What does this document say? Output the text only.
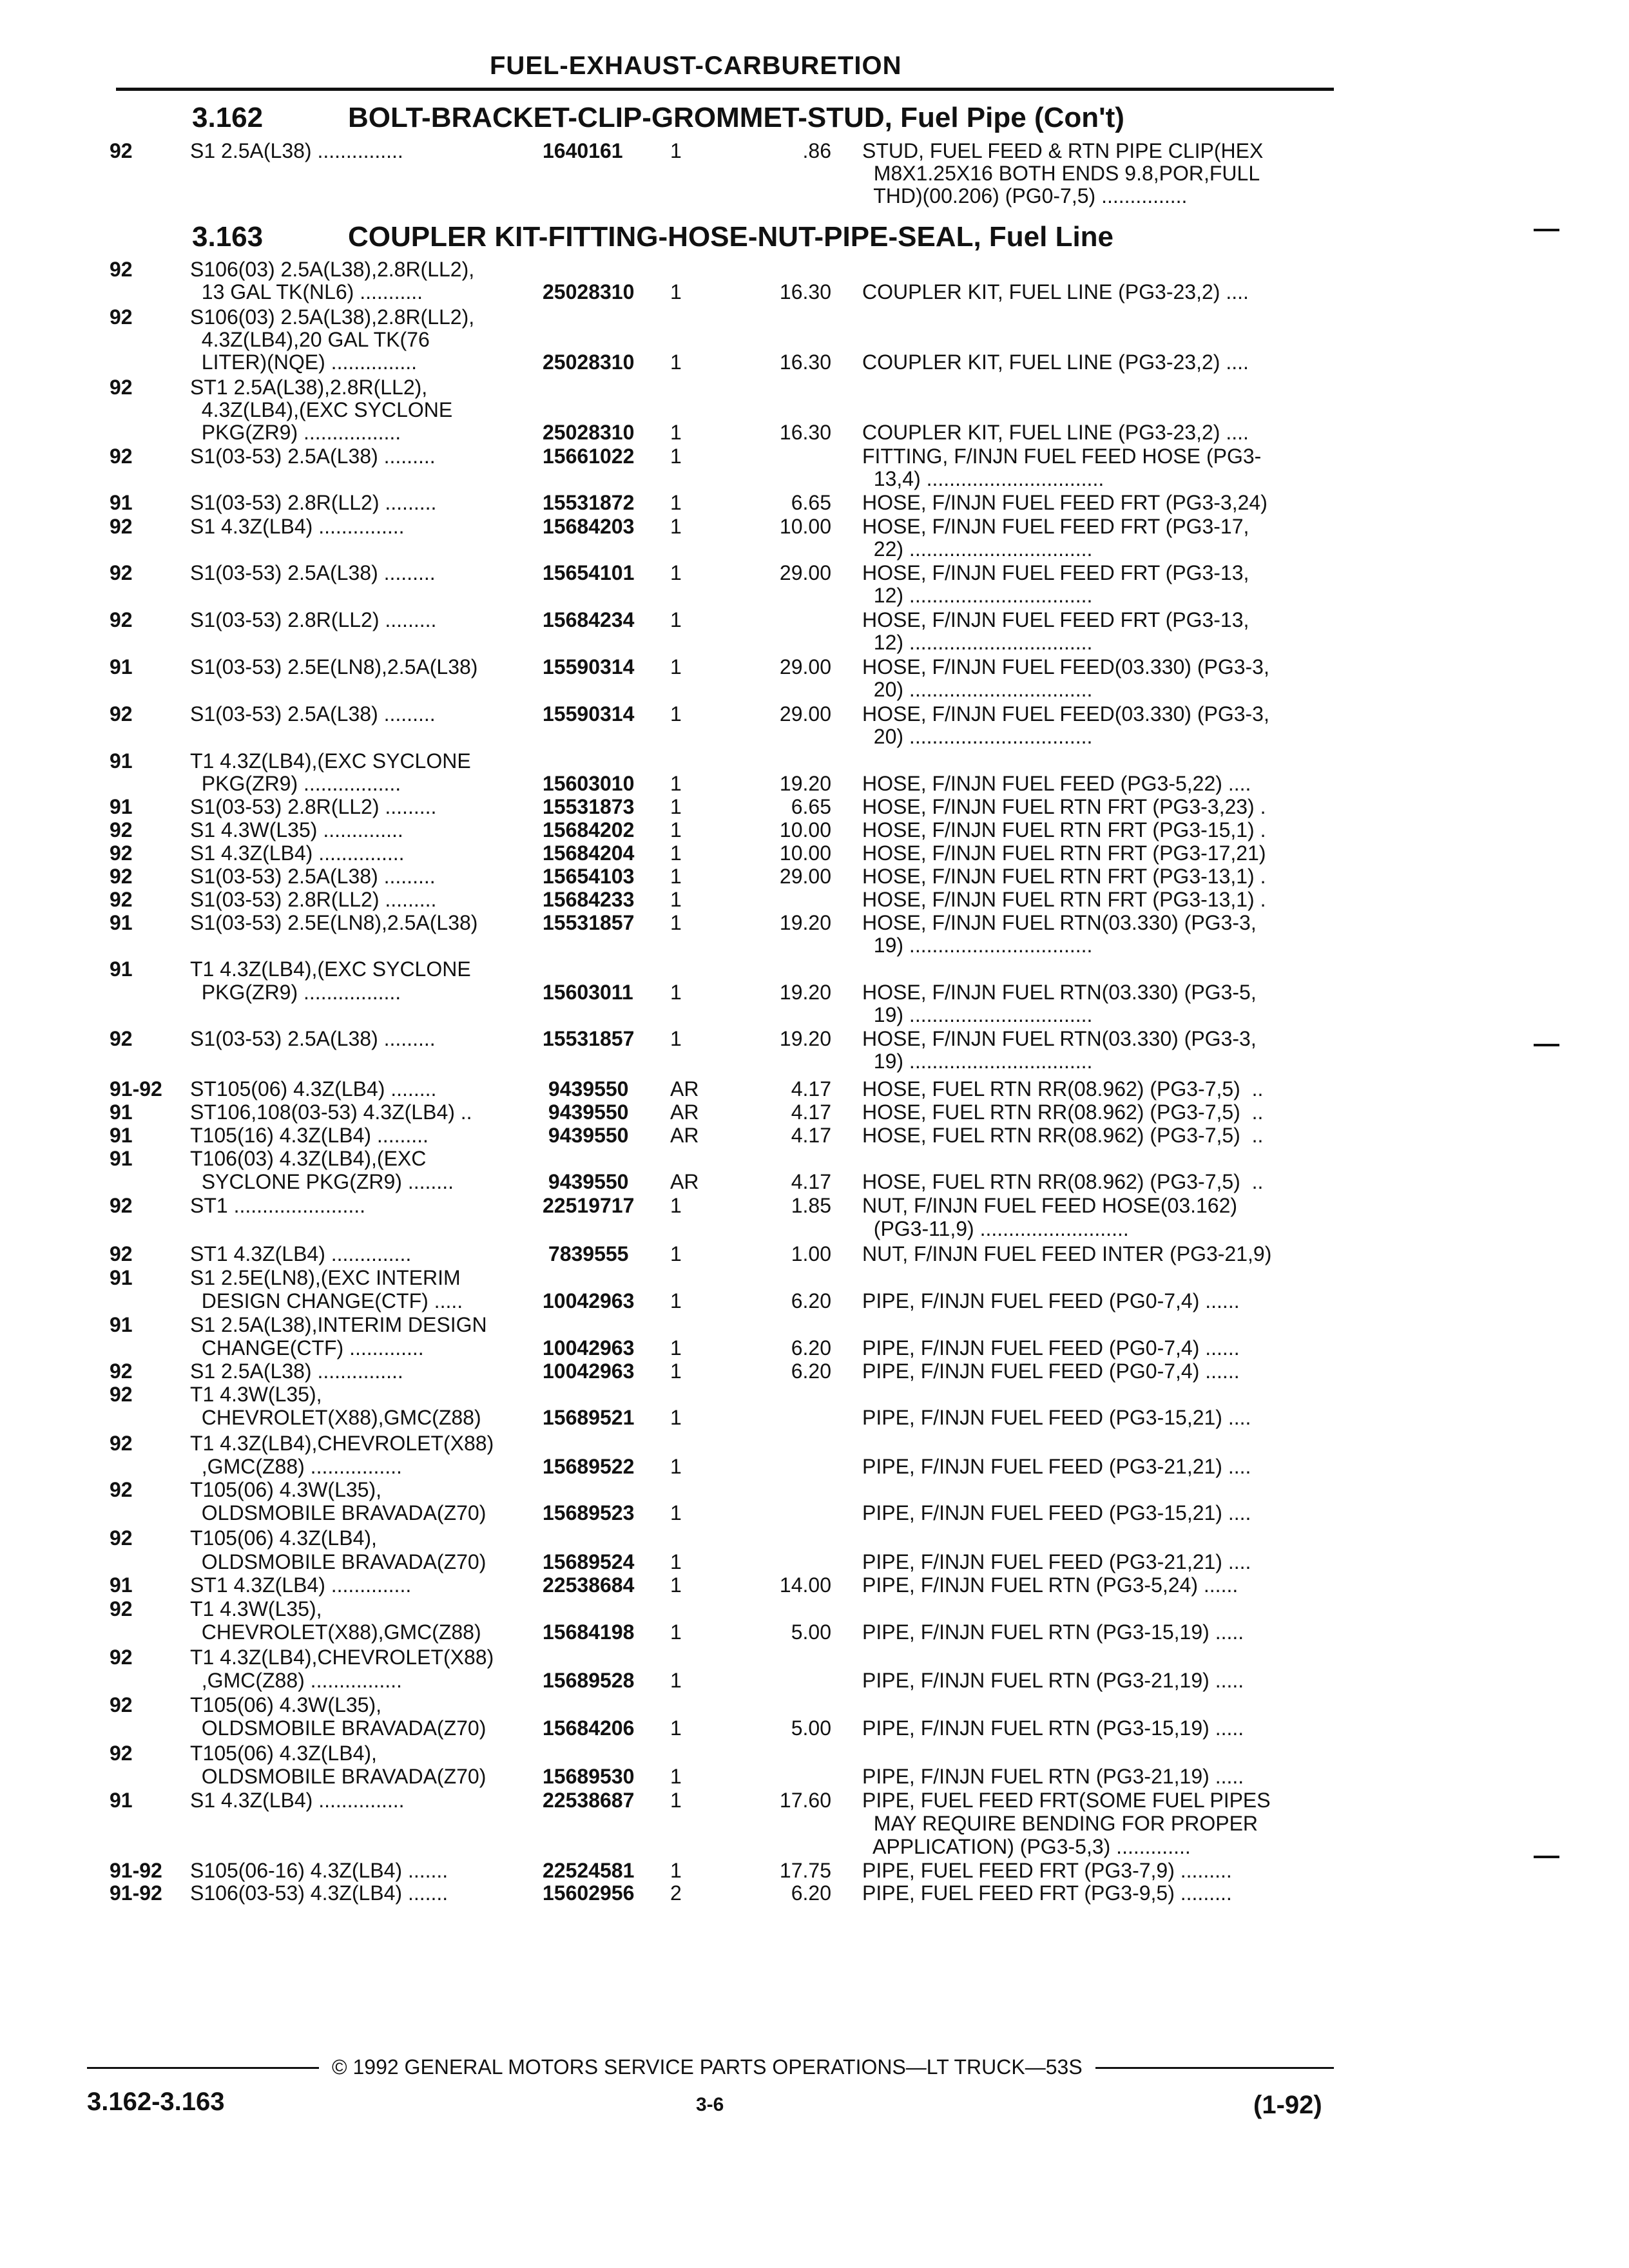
FUEL-EXHAUST-CARBURETION
3.162	BOLT-BRACKET-CLIP-GROMMET-STUD, Fuel Pipe (Con't)
3.163	COUPLER KIT-FITTING-HOSE-NUT-PIPE-SEAL, Fuel Line
92	S1 2.5A(L38) ...............	1640161 1	.86 STUD, FUEL FEED & RTN PIPE CLIP(HEX
M8X1.25X16 BOTH ENDS 9.8,POR,FULL
THD)(00.206) (PG0-7,5) ...............
92	S106(03) 2.5A(L38),2.8R(LL2),
13 GAL TK(NL6) ...........	25028310 1	16.30 COUPLER KIT, FUEL LINE (PG3-23,2) ....
92	S106(03) 2.5A(L38),2.8R(LL2),
4.3Z(LB4),20 GAL TK(76
LITER)(NQE) ...............	25028310 1	16.30 COUPLER KIT, FUEL LINE (PG3-23,2) ....
92	ST1 2.5A(L38),2.8R(LL2),
4.3Z(LB4),(EXC SYCLONE
PKG(ZR9) .................	25028310 1	16.30 COUPLER KIT, FUEL LINE (PG3-23,2) ....
92	S1(03-53) 2.5A(L38) .........	15661022 1	FITTING, F/INJN FUEL FEED HOSE (PG3-
13,4) ...............................
91	S1(03-53) 2.8R(LL2) .........	15531872 1	6.65 HOSE, F/INJN FUEL FEED FRT (PG3-3,24)
92	S1 4.3Z(LB4) ...............	15684203 1	10.00 HOSE, F/INJN FUEL FEED FRT (PG3-17,
22) ................................
92	S1(03-53) 2.5A(L38) .........	15654101 1	29.00 HOSE, F/INJN FUEL FEED FRT (PG3-13,
12) ................................
92	S1(03-53) 2.8R(LL2) .........	15684234 1	HOSE, F/INJN FUEL FEED FRT (PG3-13,
12) ................................
91	S1(03-53) 2.5E(LN8),2.5A(L38)	15590314 1	29.00 HOSE, F/INJN FUEL FEED(03.330) (PG3-3,
20) ................................
92	S1(03-53) 2.5A(L38) .........	15590314 1	29.00 HOSE, F/INJN FUEL FEED(03.330) (PG3-3,
20) ................................
91	T1 4.3Z(LB4),(EXC SYCLONE
PKG(ZR9) .................	15603010 1	19.20 HOSE, F/INJN FUEL FEED (PG3-5,22) ....
91	S1(03-53) 2.8R(LL2) .........	15531873 1	6.65 HOSE, F/INJN FUEL RTN FRT (PG3-3,23) .
92	S1 4.3W(L35) ..............	15684202 1	10.00 HOSE, F/INJN FUEL RTN FRT (PG3-15,1) .
92	S1 4.3Z(LB4) ...............	15684204 1	10.00 HOSE, F/INJN FUEL RTN FRT (PG3-17,21)
92	S1(03-53) 2.5A(L38) .........	15654103 1	29.00 HOSE, F/INJN FUEL RTN FRT (PG3-13,1) .
92	S1(03-53) 2.8R(LL2) .........	15684233 1	HOSE, F/INJN FUEL RTN FRT (PG3-13,1) .
91	S1(03-53) 2.5E(LN8),2.5A(L38)	15531857 1	19.20 HOSE, F/INJN FUEL RTN(03.330) (PG3-3,
19) ................................
91	T1 4.3Z(LB4),(EXC SYCLONE
PKG(ZR9) .................	15603011 1	19.20 HOSE, F/INJN FUEL RTN(03.330) (PG3-5,
19) ................................
92	S1(03-53) 2.5A(L38) .........	15531857 1	19.20 HOSE, F/INJN FUEL RTN(03.330) (PG3-3,
19) ................................
91-92 ST105(06) 4.3Z(LB4) ........	9439550 AR	4.17 HOSE, FUEL RTN RR(08.962) (PG3-7,5)  ..
91	ST106,108(03-53) 4.3Z(LB4) ..	9439550 AR	4.17 HOSE, FUEL RTN RR(08.962) (PG3-7,5)  ..
91	T105(16) 4.3Z(LB4) .........	9439550 AR	4.17 HOSE, FUEL RTN RR(08.962) (PG3-7,5)  ..
91	T106(03) 4.3Z(LB4),(EXC
SYCLONE PKG(ZR9) ........	9439550 AR	4.17 HOSE, FUEL RTN RR(08.962) (PG3-7,5)  ..
92	ST1 .......................	22519717 1	1.85 NUT, F/INJN FUEL FEED HOSE(03.162)
(PG3-11,9) ..........................
92	ST1 4.3Z(LB4) ..............	7839555 1	1.00 NUT, F/INJN FUEL FEED INTER (PG3-21,9)
91	S1 2.5E(LN8),(EXC INTERIM
DESIGN CHANGE(CTF) .....	10042963 1	6.20 PIPE, F/INJN FUEL FEED (PG0-7,4) ......
91	S1 2.5A(L38),INTERIM DESIGN
CHANGE(CTF) .............	10042963 1	6.20 PIPE, F/INJN FUEL FEED (PG0-7,4) ......
92	S1 2.5A(L38) ...............	10042963 1	6.20 PIPE, F/INJN FUEL FEED (PG0-7,4) ......
92	T1 4.3W(L35),
CHEVROLET(X88),GMC(Z88)	15689521 1	PIPE, F/INJN FUEL FEED (PG3-15,21) ....
92	T1 4.3Z(LB4),CHEVROLET(X88)
,GMC(Z88) ................	15689522 1	PIPE, F/INJN FUEL FEED (PG3-21,21) ....
92	T105(06) 4.3W(L35),
OLDSMOBILE BRAVADA(Z70)	15689523 1	PIPE, F/INJN FUEL FEED (PG3-15,21) ....
92	T105(06) 4.3Z(LB4),
OLDSMOBILE BRAVADA(Z70)	15689524 1	PIPE, F/INJN FUEL FEED (PG3-21,21) ....
91	ST1 4.3Z(LB4) ..............	22538684 1	14.00 PIPE, F/INJN FUEL RTN (PG3-5,24) ......
92	T1 4.3W(L35),
CHEVROLET(X88),GMC(Z88)	15684198 1	5.00 PIPE, F/INJN FUEL RTN (PG3-15,19) .....
92	T1 4.3Z(LB4),CHEVROLET(X88)
,GMC(Z88) ................	15689528 1	PIPE, F/INJN FUEL RTN (PG3-21,19) .....
92	T105(06) 4.3W(L35),
OLDSMOBILE BRAVADA(Z70)	15684206 1	5.00 PIPE, F/INJN FUEL RTN (PG3-15,19) .....
92	T105(06) 4.3Z(LB4),
OLDSMOBILE BRAVADA(Z70)	15689530 1	PIPE, F/INJN FUEL RTN (PG3-21,19) .....
91	S1 4.3Z(LB4) ...............	22538687 1	17.60 PIPE, FUEL FEED FRT(SOME FUEL PIPES
MAY REQUIRE BENDING FOR PROPER
APPLICATION) (PG3-5,3) .............
91-92 S105(06-16) 4.3Z(LB4) .......	22524581 1	17.75 PIPE, FUEL FEED FRT (PG3-7,9) .........
91-92 S106(03-53) 4.3Z(LB4) .......	15602956 2	6.20 PIPE, FUEL FEED FRT (PG3-9,5) .........
© 1992 GENERAL MOTORS SERVICE PARTS OPERATIONS—LT TRUCK—53S
3.162-3.163	3-6	(1-92)
